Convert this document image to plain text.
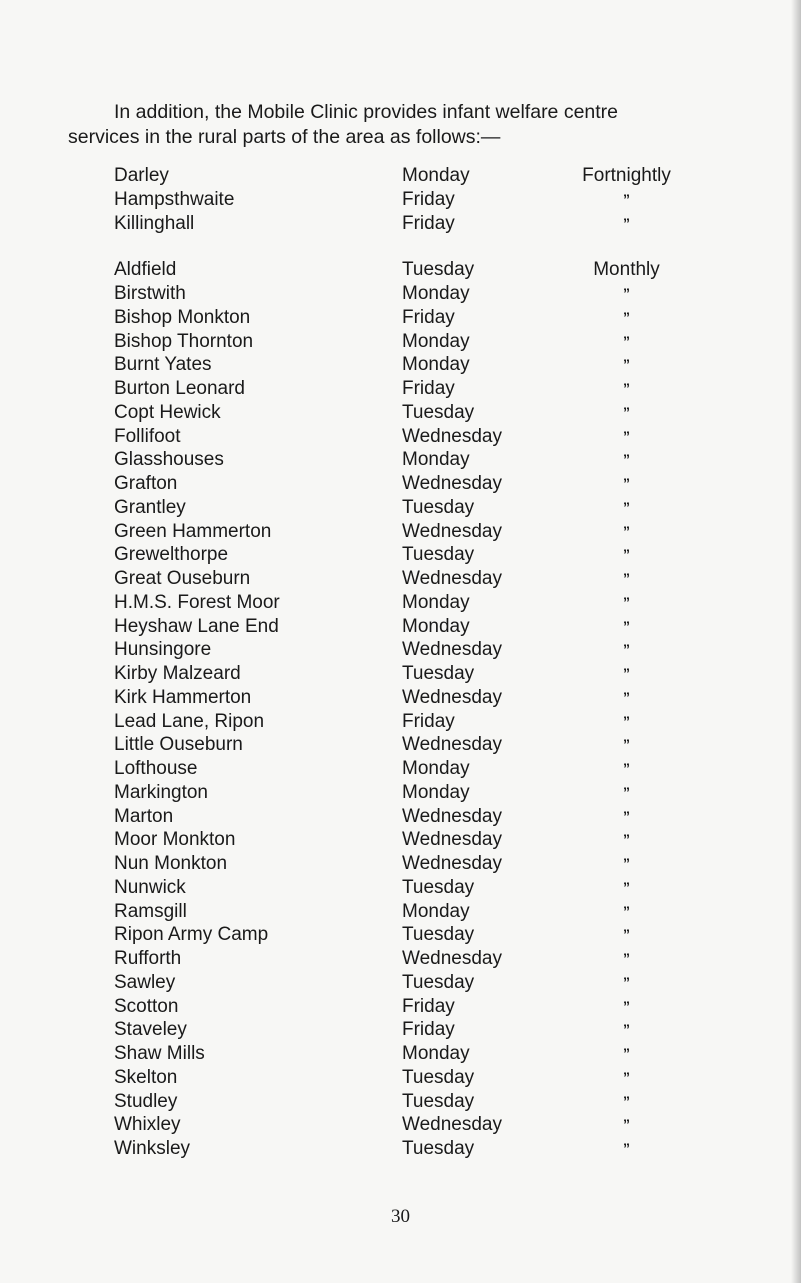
In addition, the Mobile Clinic provides infant welfare centre
services in the rural parts of the area as follows:—
Darley	Monday	Fortnightly
Hampsthwaite	Friday	”
Killinghall	Friday	”
Aldfield	Tuesday	Monthly
Birstwith	Monday	”
Bishop Monkton	Friday	”
Bishop Thornton	Monday	”
Burnt Yates	Monday	”
Burton Leonard	Friday	”
Copt Hewick	Tuesday	”
Follifoot	Wednesday	”
Glasshouses	Monday	”
Grafton	Wednesday	”
Grantley	Tuesday	”
Green Hammerton	Wednesday	”
Grewelthorpe	Tuesday	”
Great Ouseburn	Wednesday	”
H.M.S. Forest Moor	Monday	”
Heyshaw Lane End	Monday	”
Hunsingore	Wednesday	”
Kirby Malzeard	Tuesday	”
Kirk Hammerton	Wednesday	”
Lead Lane, Ripon	Friday	”
Little Ouseburn	Wednesday	”
Lofthouse	Monday	”
Markington	Monday	”
Marton	Wednesday	”
Moor Monkton	Wednesday	”
Nun Monkton	Wednesday	”
Nunwick	Tuesday	”
Ramsgill	Monday	”
Ripon Army Camp	Tuesday	”
Rufforth	Wednesday	”
Sawley	Tuesday	”
Scotton	Friday	”
Staveley	Friday	”
Shaw Mills	Monday	”
Skelton	Tuesday	”
Studley	Tuesday	”
Whixley	Wednesday	”
Winksley	Tuesday	”
30
